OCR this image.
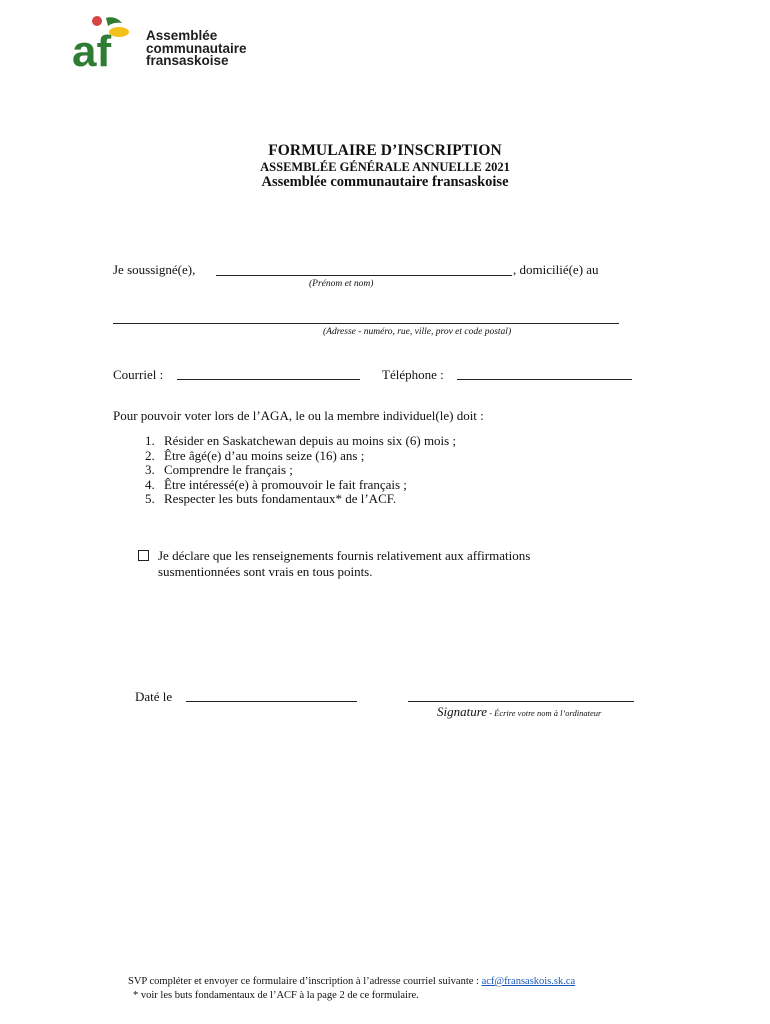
af	Assemblée
communautaire
fransaskoise
FORMULAIRE D’INSCRIPTION
ASSEMBLÉE GÉNÉRALE ANNUELLE 2021
Assemblée communautaire fransaskoise
Je soussigné(e),	, domicilié(e) au
(Prénom et nom)
(Adresse - numéro, rue, ville, prov et code postal)
Courriel :	Téléphone :
Pour pouvoir voter lors de l’AGA, le ou la membre individuel(le) doit :
1. Résider en Saskatchewan depuis au moins six (6) mois ;
2. Être âgé(e) d’au moins seize (16) ans ;
3. Comprendre le français ;
4. Être intéressé(e) à promouvoir le fait français ;
5. Respecter les buts fondamentaux* de l’ACF.
Je déclare que les renseignements fournis relativement aux affirmations
susmentionnées sont vrais en tous points.
Daté le
Signature - Écrire votre nom à l’ordinateur
SVP compléter et envoyer ce formulaire d’inscription à l’adresse courriel suivante : acf@fransaskois.sk.ca
* voir les buts fondamentaux de l’ACF à la page 2 de ce formulaire.
